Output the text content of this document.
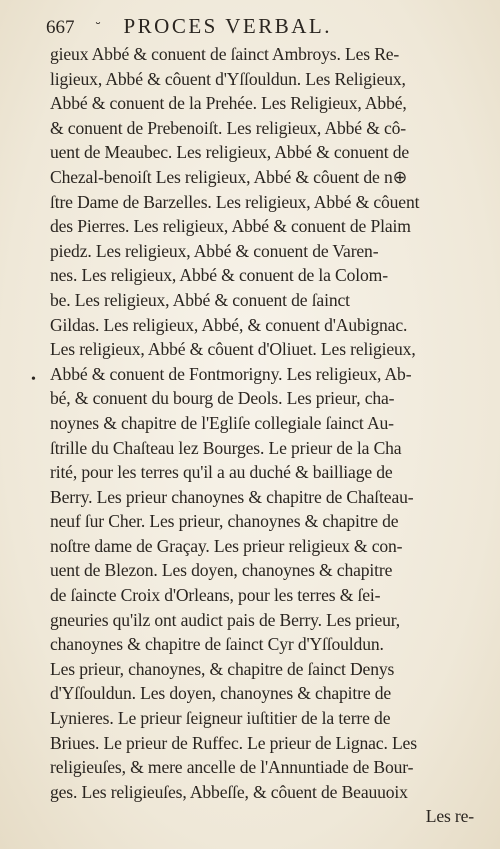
667 ˘ PROCES VERBAL.
•
gieux Abbé & conuent de ſainct Ambroys. Les Re-
ligieux, Abbé & côuent d'Yſſouldun. Les Religieux,
Abbé & conuent de la Prehée. Les Religieux, Abbé,
& conuent de Prebenoiſt. Les religieux, Abbé & cô-
uent de Meaubec. Les religieux, Abbé & conuent de
Chezal-benoiſt Les religieux, Abbé & côuent de n⊕
ſtre Dame de Barzelles. Les religieux, Abbé & côuent
des Pierres. Les religieux, Abbé & conuent de Plaim
piedz. Les religieux, Abbé & conuent de Varen-
nes. Les religieux, Abbé & conuent de la Colom-
be. Les religieux, Abbé & conuent de ſainct
Gildas. Les religieux, Abbé, & conuent d'Aubignac.
Les religieux, Abbé & côuent d'Oliuet. Les religieux,
Abbé & conuent de Fontmorigny. Les religieux, Ab-
bé, & conuent du bourg de Deols. Les prieur, cha-
noynes & chapitre de l'Egliſe collegiale ſainct Au-
ſtrille du Chaſteau lez Bourges. Le prieur de la Cha
rité, pour les terres qu'il a au duché & bailliage de
Berry. Les prieur chanoynes & chapitre de Chaſteau-
neuf ſur Cher. Les prieur, chanoynes & chapitre de
noſtre dame de Graçay. Les prieur religieux & con-
uent de Blezon. Les doyen, chanoynes & chapitre
de ſaincte Croix d'Orleans, pour les terres & ſei-
gneuries qu'ilz ont audict pais de Berry. Les prieur,
chanoynes & chapitre de ſainct Cyr d'Yſſouldun.
Les prieur, chanoynes, & chapitre de ſainct Denys
d'Yſſouldun. Les doyen, chanoynes & chapitre de
Lynieres. Le prieur ſeigneur iuſtitier de la terre de
Briues. Le prieur de Ruffec. Le prieur de Lignac. Les
religieuſes, & mere ancelle de l'Annuntiade de Bour-
ges. Les religieuſes, Abbeſſe, & côuent de Beauuoix
Les re-
